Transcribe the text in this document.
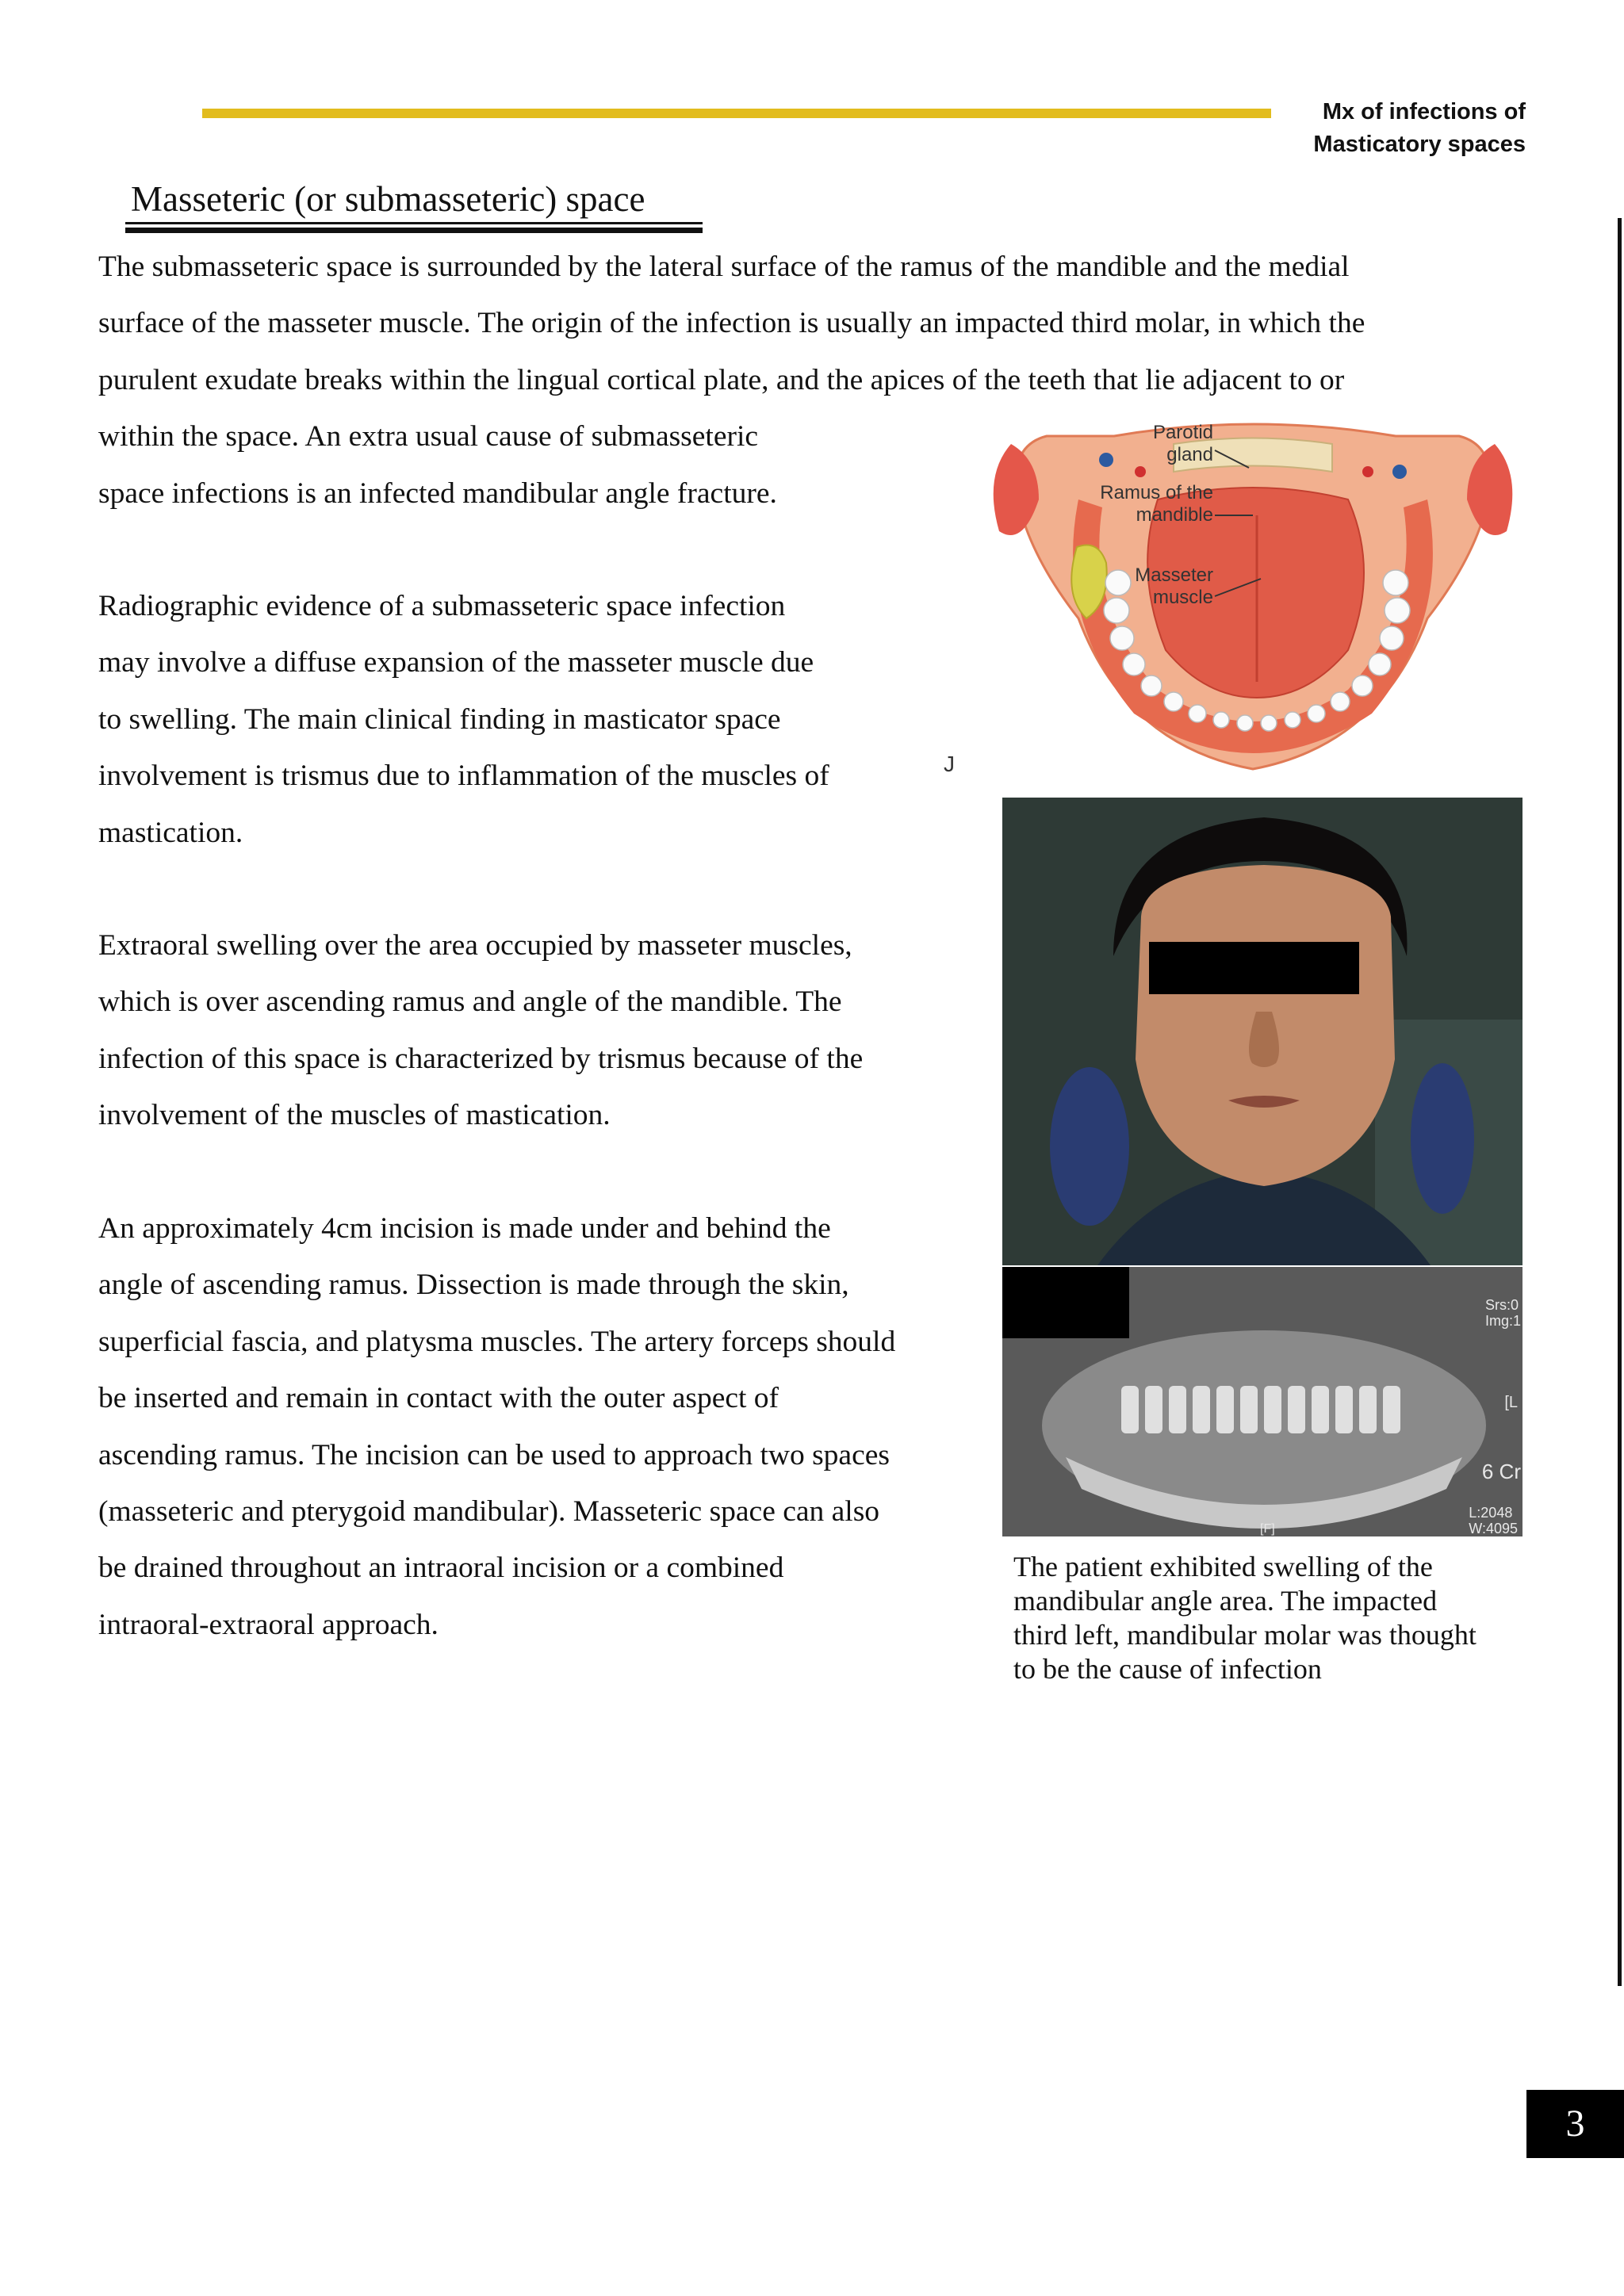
Mx of infections of
Masticatory spaces
Masseteric (or submasseteric) space
The submasseteric space is surrounded by the lateral surface of the ramus of the mandible and the medial
surface of the masseter muscle. The origin of the infection is usually an impacted third molar, in which the
purulent exudate breaks within the lingual cortical plate, and the apices of the teeth that lie adjacent to or
within the space. An extra usual cause of submasseteric
space infections is an infected mandibular angle fracture.
Radiographic evidence of a submasseteric space infection
may involve a diffuse expansion of the masseter muscle due
to swelling. The main clinical finding in masticator space
involvement is trismus due to inflammation of the muscles of
mastication.
Extraoral swelling over the area occupied by masseter muscles,
which is over ascending ramus and angle of the mandible. The
infection of this space is characterized by trismus because of the
involvement of the muscles of mastication.
An approximately 4cm incision is made under and behind the
angle of ascending ramus. Dissection is made through the skin,
superficial fascia, and platysma muscles. The artery forceps should
be inserted and remain in contact with the outer aspect of
ascending ramus. The incision can be used to approach two spaces
(masseteric and pterygoid mandibular). Masseteric space can also
be drained throughout an intraoral incision or a combined
intraoral-extraoral approach.
Parotid
gland
Ramus of the
mandible
Masseter
muscle
J
Srs:0
Img:1
[L
6 Cr
L:2048
W:4095
[F]
The patient exhibited swelling of the
mandibular angle area. The impacted
third left, mandibular molar was thought
to be the cause of infection
3
